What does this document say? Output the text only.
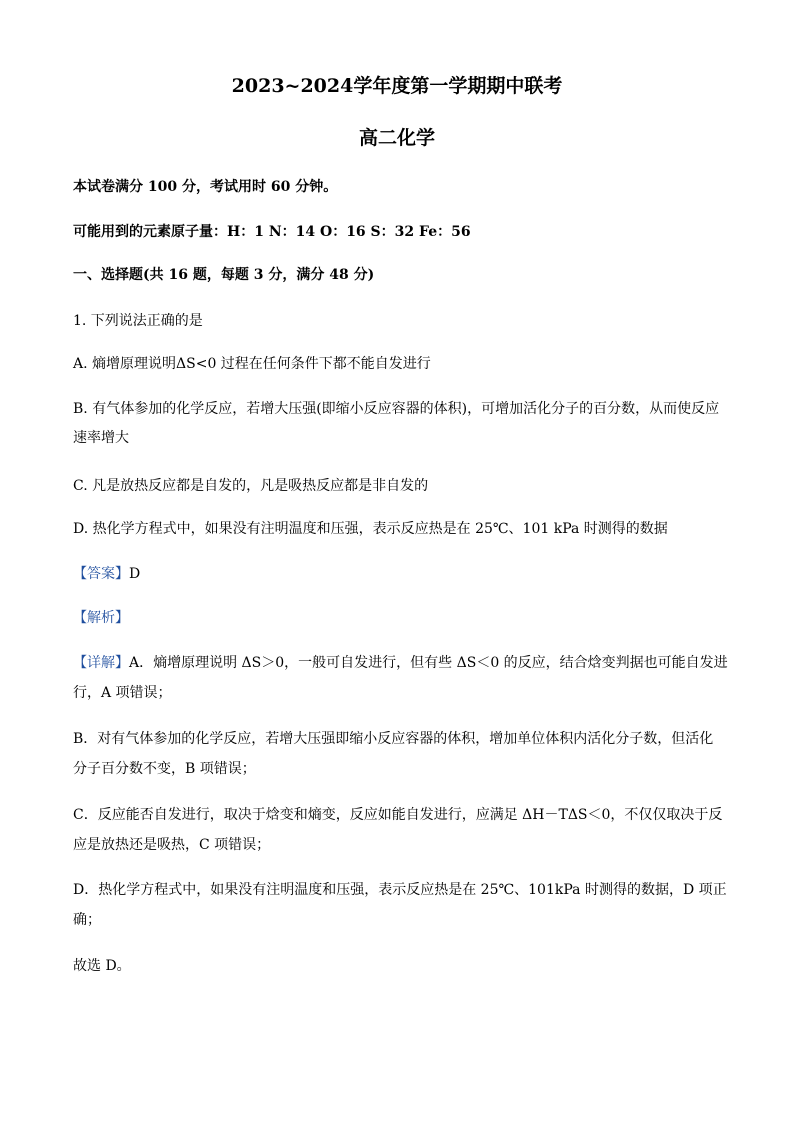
2023~2024学年度第一学期期中联考
高二化学
本试卷满分 100 分，考试用时 60 分钟。
可能用到的元素原子量：H：1 N：14 O：16 S：32 Fe：56
一、选择题(共 16 题，每题 3 分，满分 48 分)
1. 下列说法正确的是
A. 熵增原理说明ΔS<0 过程在任何条件下都不能自发进行
B. 有气体参加的化学反应，若增大压强(即缩小反应容器的体积)，可增加活化分子的百分数，从而使反应
速率增大
C. 凡是放热反应都是自发的，凡是吸热反应都是非自发的
D. 热化学方程式中，如果没有注明温度和压强，表示反应热是在 25℃、101 kPa 时测得的数据
【答案】D
【解析】
【详解】A．熵增原理说明 ΔS＞0，一般可自发进行，但有些 ΔS＜0 的反应，结合焓变判据也可能自发进
行，A 项错误；
B．对有气体参加的化学反应，若增大压强即缩小反应容器的体积，增加单位体积内活化分子数，但活化
分子百分数不变，B 项错误；
C．反应能否自发进行，取决于焓变和熵变，反应如能自发进行，应满足 ΔH－TΔS＜0，不仅仅取决于反
应是放热还是吸热，C 项错误；
D．热化学方程式中，如果没有注明温度和压强，表示反应热是在 25℃、101kPa 时测得的数据，D 项正
确；
故选 D。
